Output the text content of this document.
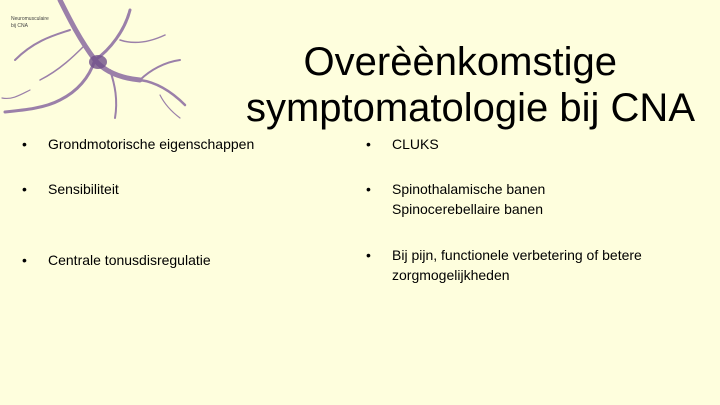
Neuromusculaire
bij CNA
Overèènkomstige
symptomatologie bij CNA
•	Grondmotorische eigenschappen
•	Sensibiliteit
•	Centrale tonusdisregulatie
•	CLUKS
•	Spinothalamische banen
Spinocerebellaire banen
•	Bij pijn, functionele verbetering of betere
zorgmogelijkheden
